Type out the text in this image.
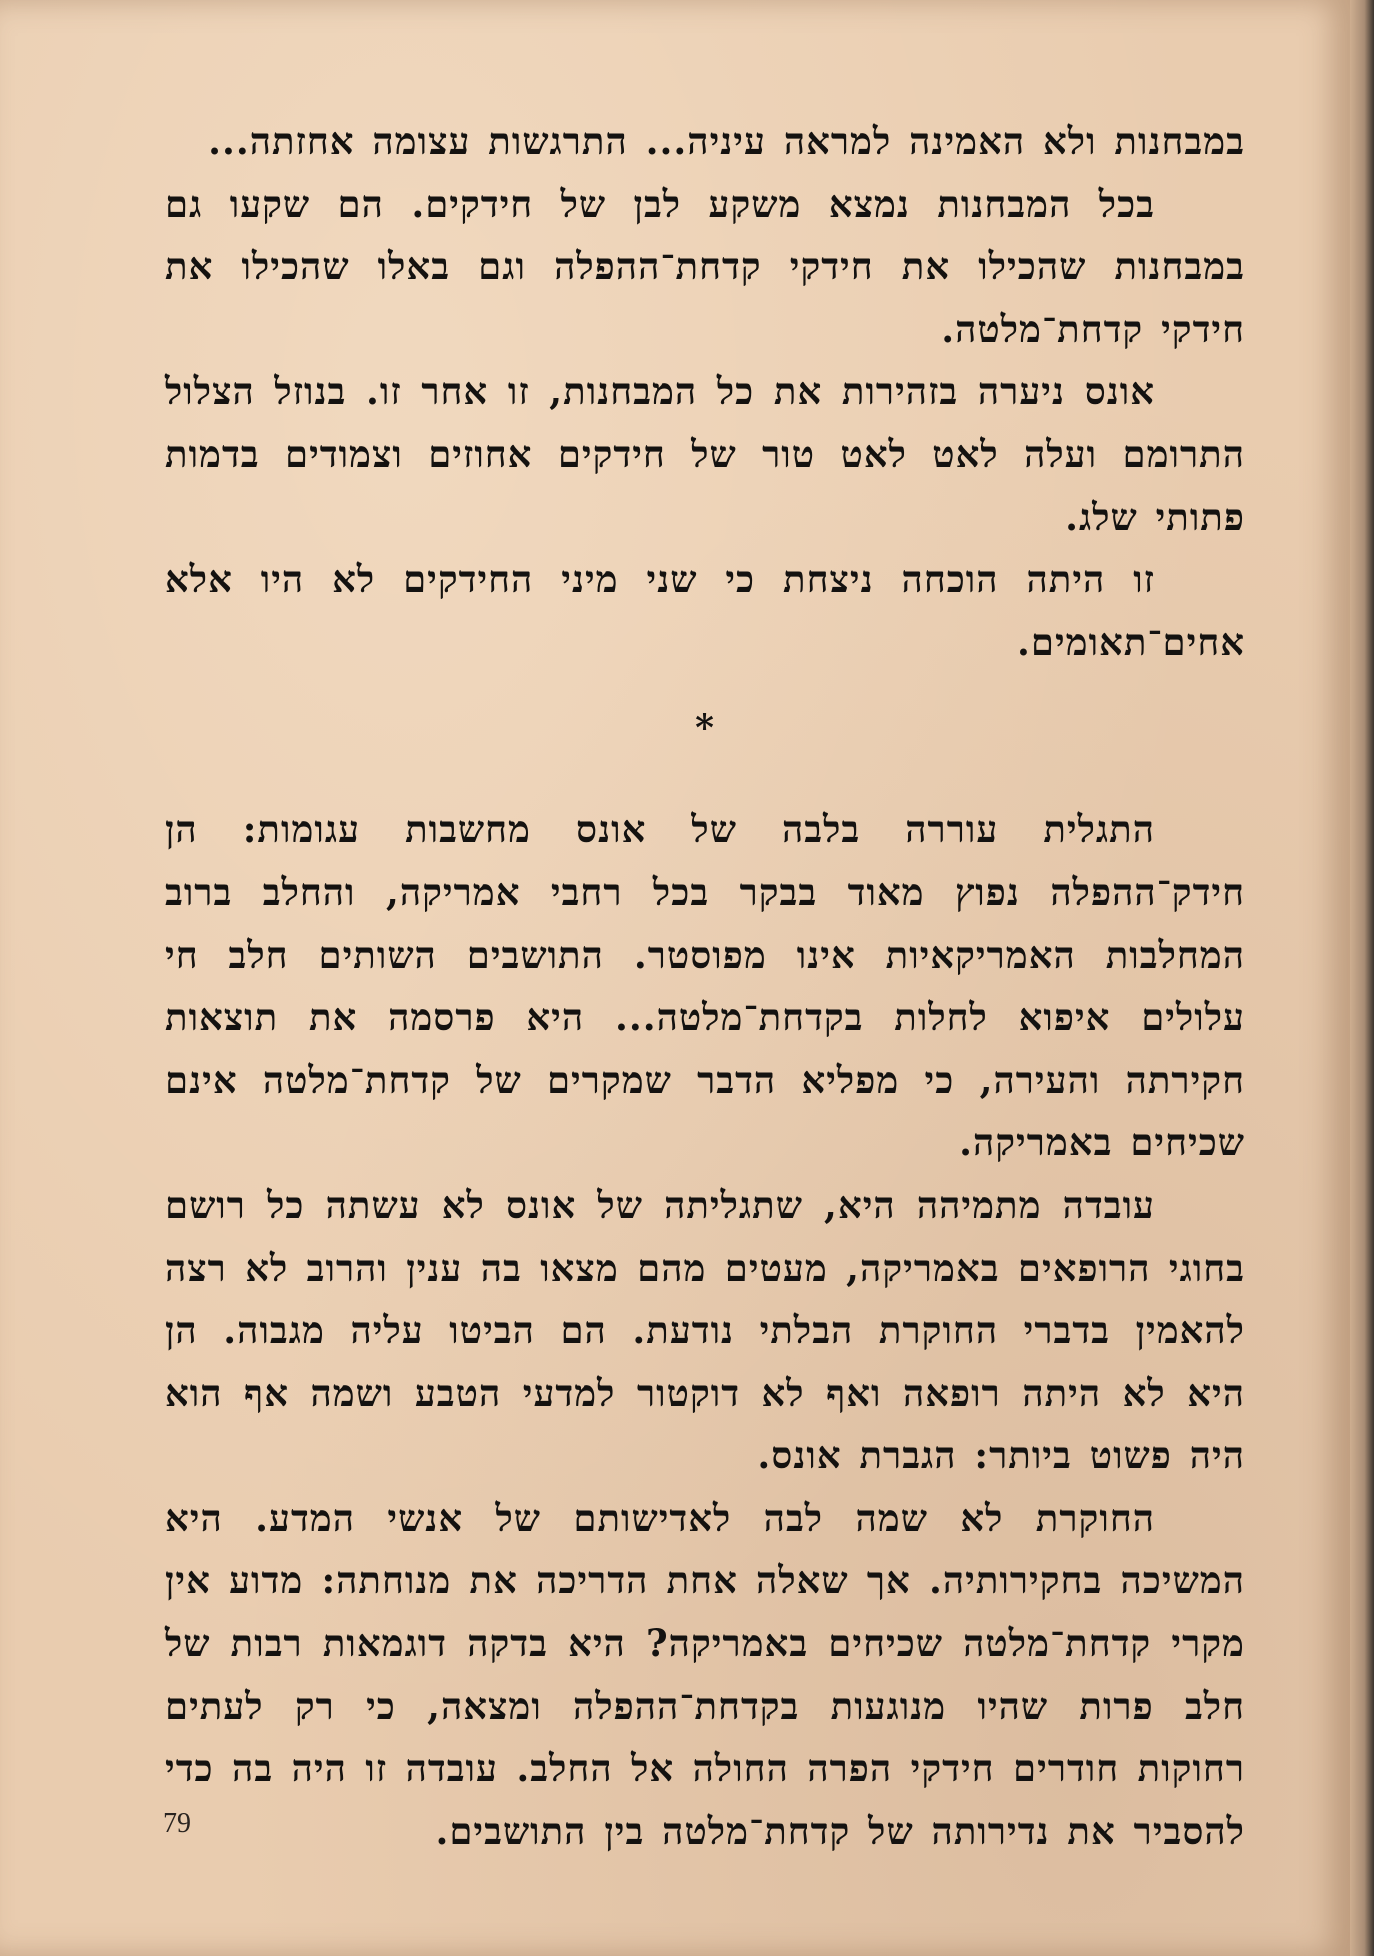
במבחנות ולא האמינה למראה עיניה... התרגשות עצומה אחזתה...

בכל המבחנות נמצא משקע לבן של חידקים. הם שקעו גם במבחנות שהכילו את חידקי קדחת־ההפלה וגם באלו שהכילו את חידקי קדחת־מלטה.

אונס ניערה בזהירות את כל המבחנות, זו אחר זו. בנוזל הצלול התרומם ועלה לאט לאט טור של חידקים אחוזים וצמודים בדמות פתותי שלג.

זו היתה הוכחה ניצחת כי שני מיני החידקים לא היו אלא אחים־תאומים.

*

התגלית עוררה בלבה של אונס מחשבות עגומות: הן חידק־ההפלה נפוץ מאוד בבקר בכל רחבי אמריקה, והחלב ברוב המחלבות האמריקאיות אינו מפוסטר. התושבים השותים חלב חי עלולים איפוא לחלות בקדחת־מלטה... היא פרסמה את תוצאות חקירתה והעירה, כי מפליא הדבר שמקרים של קדחת־מלטה אינם שכיחים באמריקה.

עובדה מתמיהה היא, שתגליתה של אונס לא עשתה כל רושם בחוגי הרופאים באמריקה, מעטים מהם מצאו בה ענין והרוב לא רצה להאמין בדברי החוקרת הבלתי נודעת. הם הביטו עליה מגבוה. הן היא לא היתה רופאה ואף לא דוקטור למדעי הטבע ושמה אף הוא היה פשוט ביותר: הגברת אונס.

החוקרת לא שמה לבה לאדישותם של אנשי המדע. היא המשיכה בחקירותיה. אך שאלה אחת הדריכה את מנוחתה: מדוע אין מקרי קדחת־מלטה שכיחים באמריקה? היא בדקה דוגמאות רבות של חלב פרות שהיו מנוגעות בקדחת־ההפלה ומצאה, כי רק לעתים רחוקות חודרים חידקי הפרה החולה אל החלב. עובדה זו היה בה כדי להסביר את נדירותה של קדחת־מלטה בין התושבים.

79
